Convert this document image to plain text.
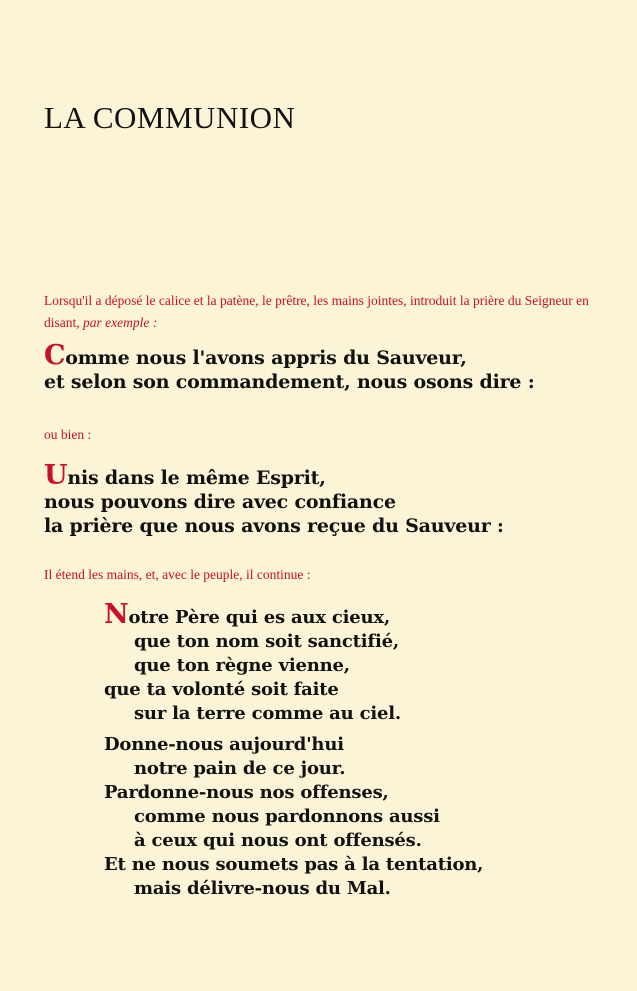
LA COMMUNION

Lorsqu'il a déposé le calice et la patène, le prêtre, les mains jointes, introduit la prière du Seigneur en disant, par exemple :

Comme nous l'avons appris du Sauveur,
et selon son commandement, nous osons dire :

ou bien :

Unis dans le même Esprit,
nous pouvons dire avec confiance
la prière que nous avons reçue du Sauveur :

Il étend les mains, et, avec le peuple, il continue :

Notre Père qui es aux cieux,
que ton nom soit sanctifié,
que ton règne vienne,
que ta volonté soit faite
sur la terre comme au ciel.
Donne-nous aujourd'hui
notre pain de ce jour.
Pardonne-nous nos offenses,
comme nous pardonnons aussi
à ceux qui nous ont offensés.
Et ne nous soumets pas à la tentation,
mais délivre-nous du Mal.
